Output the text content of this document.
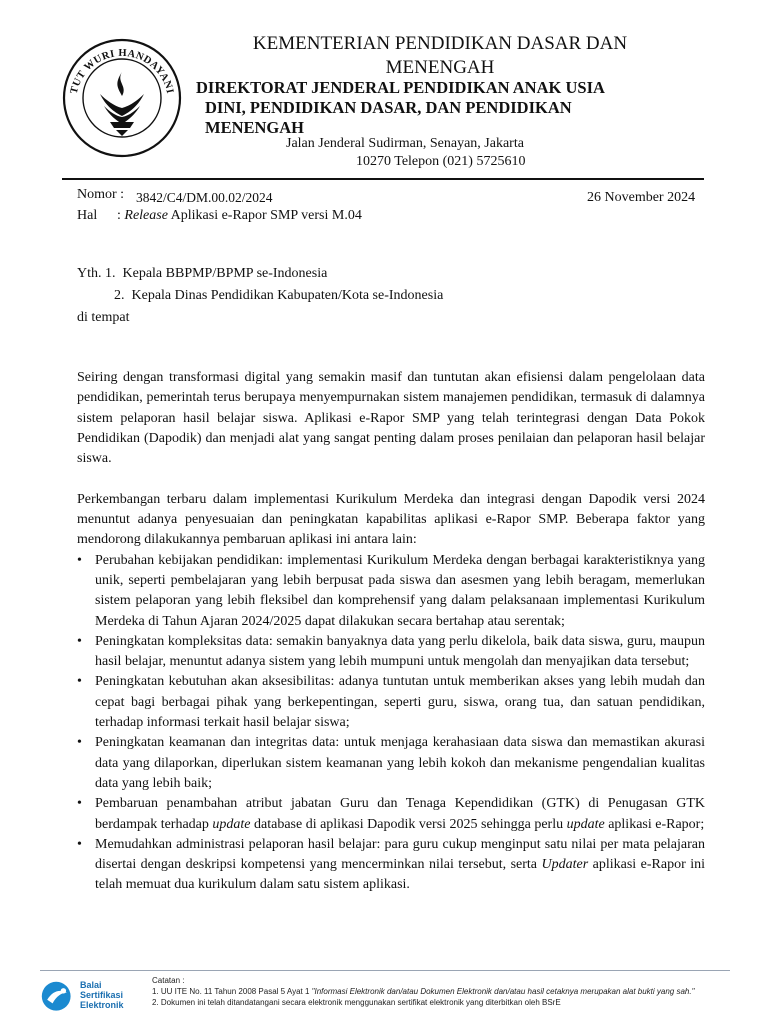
TUT WURI HANDAYANI
KEMENTERIAN PENDIDIKAN DASAR DAN MENENGAH
DIREKTORAT JENDERAL PENDIDIKAN ANAK USIA
DINI, PENDIDIKAN DASAR, DAN PENDIDIKAN
MENENGAH
Jalan Jenderal Sudirman, Senayan, Jakarta
10270 Telepon (021) 5725610
Nomor : 3842/C4/DM.00.02/2024	26 November 2024
Hal : Release Aplikasi e-Rapor SMP versi M.04
Yth. 1. Kepala BBPMP/BPMP se-Indonesia
2. Kepala Dinas Pendidikan Kabupaten/Kota se-Indonesia
di tempat

Seiring dengan transformasi digital yang semakin masif dan tuntutan akan efisiensi dalam pengelolaan data pendidikan, pemerintah terus berupaya menyempurnakan sistem manajemen pendidikan, termasuk di dalamnya sistem pelaporan hasil belajar siswa. Aplikasi e-Rapor SMP yang telah terintegrasi dengan Data Pokok Pendidikan (Dapodik) dan menjadi alat yang sangat penting dalam proses penilaian dan pelaporan hasil belajar siswa.

Perkembangan terbaru dalam implementasi Kurikulum Merdeka dan integrasi dengan Dapodik versi 2024 menuntut adanya penyesuaian dan peningkatan kapabilitas aplikasi e-Rapor SMP. Beberapa faktor yang mendorong dilakukannya pembaruan aplikasi ini antara lain:

• Perubahan kebijakan pendidikan: implementasi Kurikulum Merdeka dengan berbagai karakteristiknya yang unik, seperti pembelajaran yang lebih berpusat pada siswa dan asesmen yang lebih beragam, memerlukan sistem pelaporan yang lebih fleksibel dan komprehensif yang dalam pelaksanaan implementasi Kurikulum Merdeka di Tahun Ajaran 2024/2025 dapat dilakukan secara bertahap atau serentak;
• Peningkatan kompleksitas data: semakin banyaknya data yang perlu dikelola, baik data siswa, guru, maupun hasil belajar, menuntut adanya sistem yang lebih mumpuni untuk mengolah dan menyajikan data tersebut;
• Peningkatan kebutuhan akan aksesibilitas: adanya tuntutan untuk memberikan akses yang lebih mudah dan cepat bagi berbagai pihak yang berkepentingan, seperti guru, siswa, orang tua, dan satuan pendidikan, terhadap informasi terkait hasil belajar siswa;
• Peningkatan keamanan dan integritas data: untuk menjaga kerahasiaan data siswa dan memastikan akurasi data yang dilaporkan, diperlukan sistem keamanan yang lebih kokoh dan mekanisme pengendalian kualitas data yang lebih baik;
• Pembaruan penambahan atribut jabatan Guru dan Tenaga Kependidikan (GTK) di Penugasan GTK berdampak terhadap update database di aplikasi Dapodik versi 2025 sehingga perlu update aplikasi e-Rapor;
• Memudahkan administrasi pelaporan hasil belajar: para guru cukup menginput satu nilai per mata pelajaran disertai dengan deskripsi kompetensi yang mencerminkan nilai tersebut, serta Updater aplikasi e-Rapor ini telah memuat dua kurikulum dalam satu sistem aplikasi.
Balai
Sertifikasi
Elektronik
Catatan :
1. UU ITE No. 11 Tahun 2008 Pasal 5 Ayat 1 "Informasi Elektronik dan/atau Dokumen Elektronik dan/atau hasil cetaknya merupakan alat bukti yang sah."
2. Dokumen ini telah ditandatangani secara elektronik menggunakan sertifikat elektronik yang diterbitkan oleh BSrE
